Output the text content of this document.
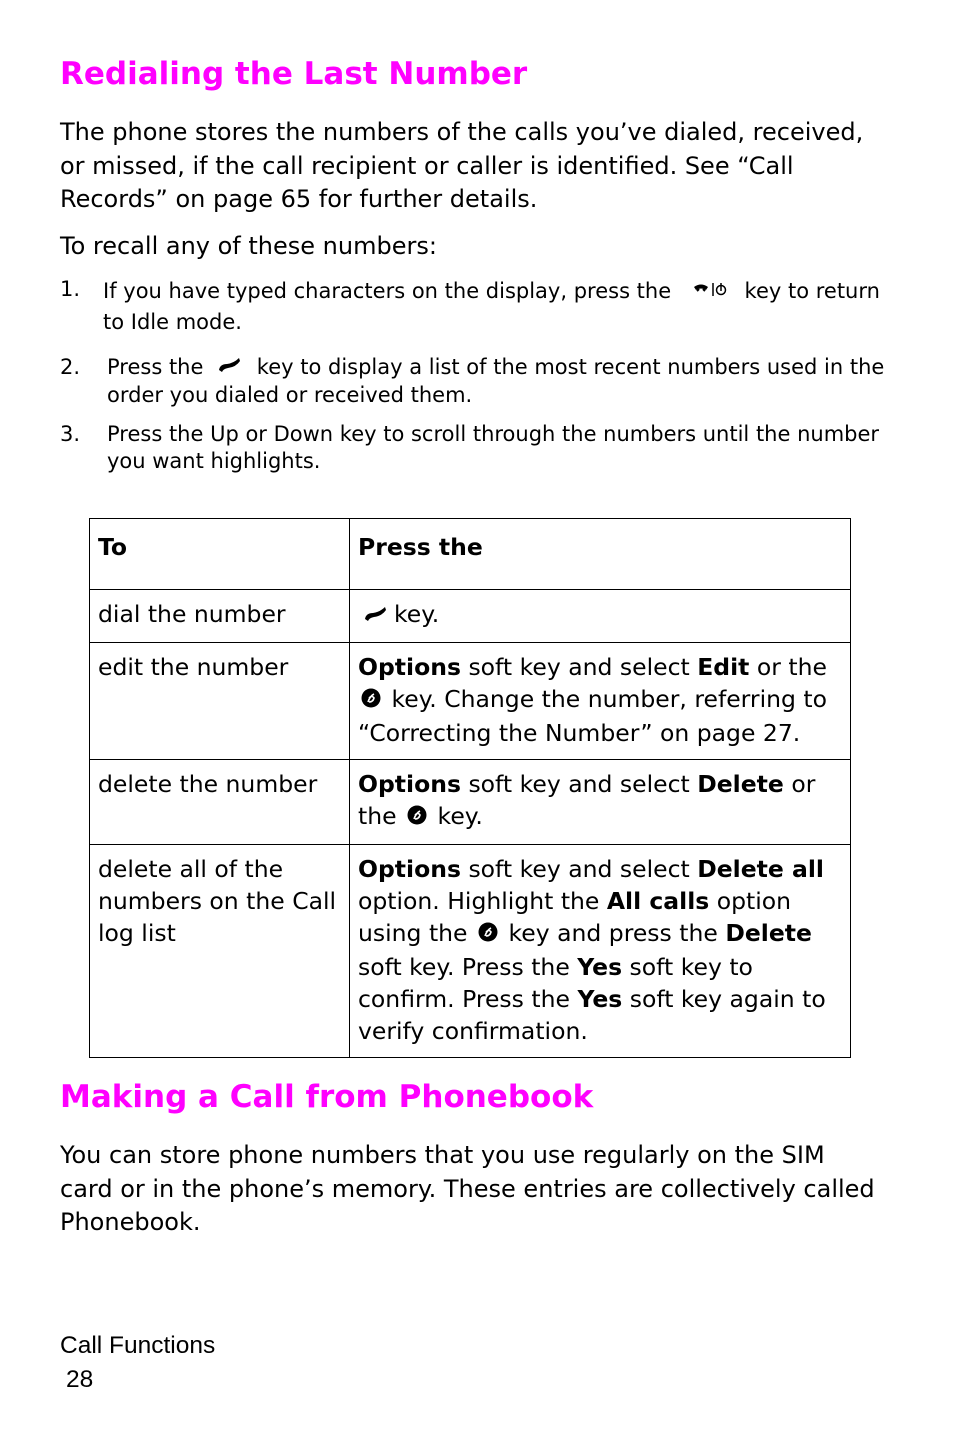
Redialing the Last Number

The phone stores the numbers of the calls you’ve dialed, received, or missed, if the call recipient or caller is identified. See “Call Records” on page 65 for further details.

To recall any of these numbers:

1. If you have typed characters on the display, press the	key to return to Idle mode.
2. Press the	key to display a list of the most recent numbers used in the order you dialed or received them.
3. Press the Up or Down key to scroll through the numbers until the number you want highlights.
To	Press the
dial the number	key.
edit the number	Options soft key and select Edit or the  key. Change the number, referring to “Correcting the Number” on page 27.
delete the number	Options soft key and select Delete or the key.
delete all of the numbers on the Call log list	Options soft key and select Delete all option. Highlight the All calls option using the key and press the Delete soft key. Press the Yes soft key to confirm. Press the Yes soft key again to verify confirmation.
Making a Call from Phonebook

You can store phone numbers that you use regularly on the SIM card or in the phone’s memory. These entries are collectively called Phonebook.

Call Functions
28
